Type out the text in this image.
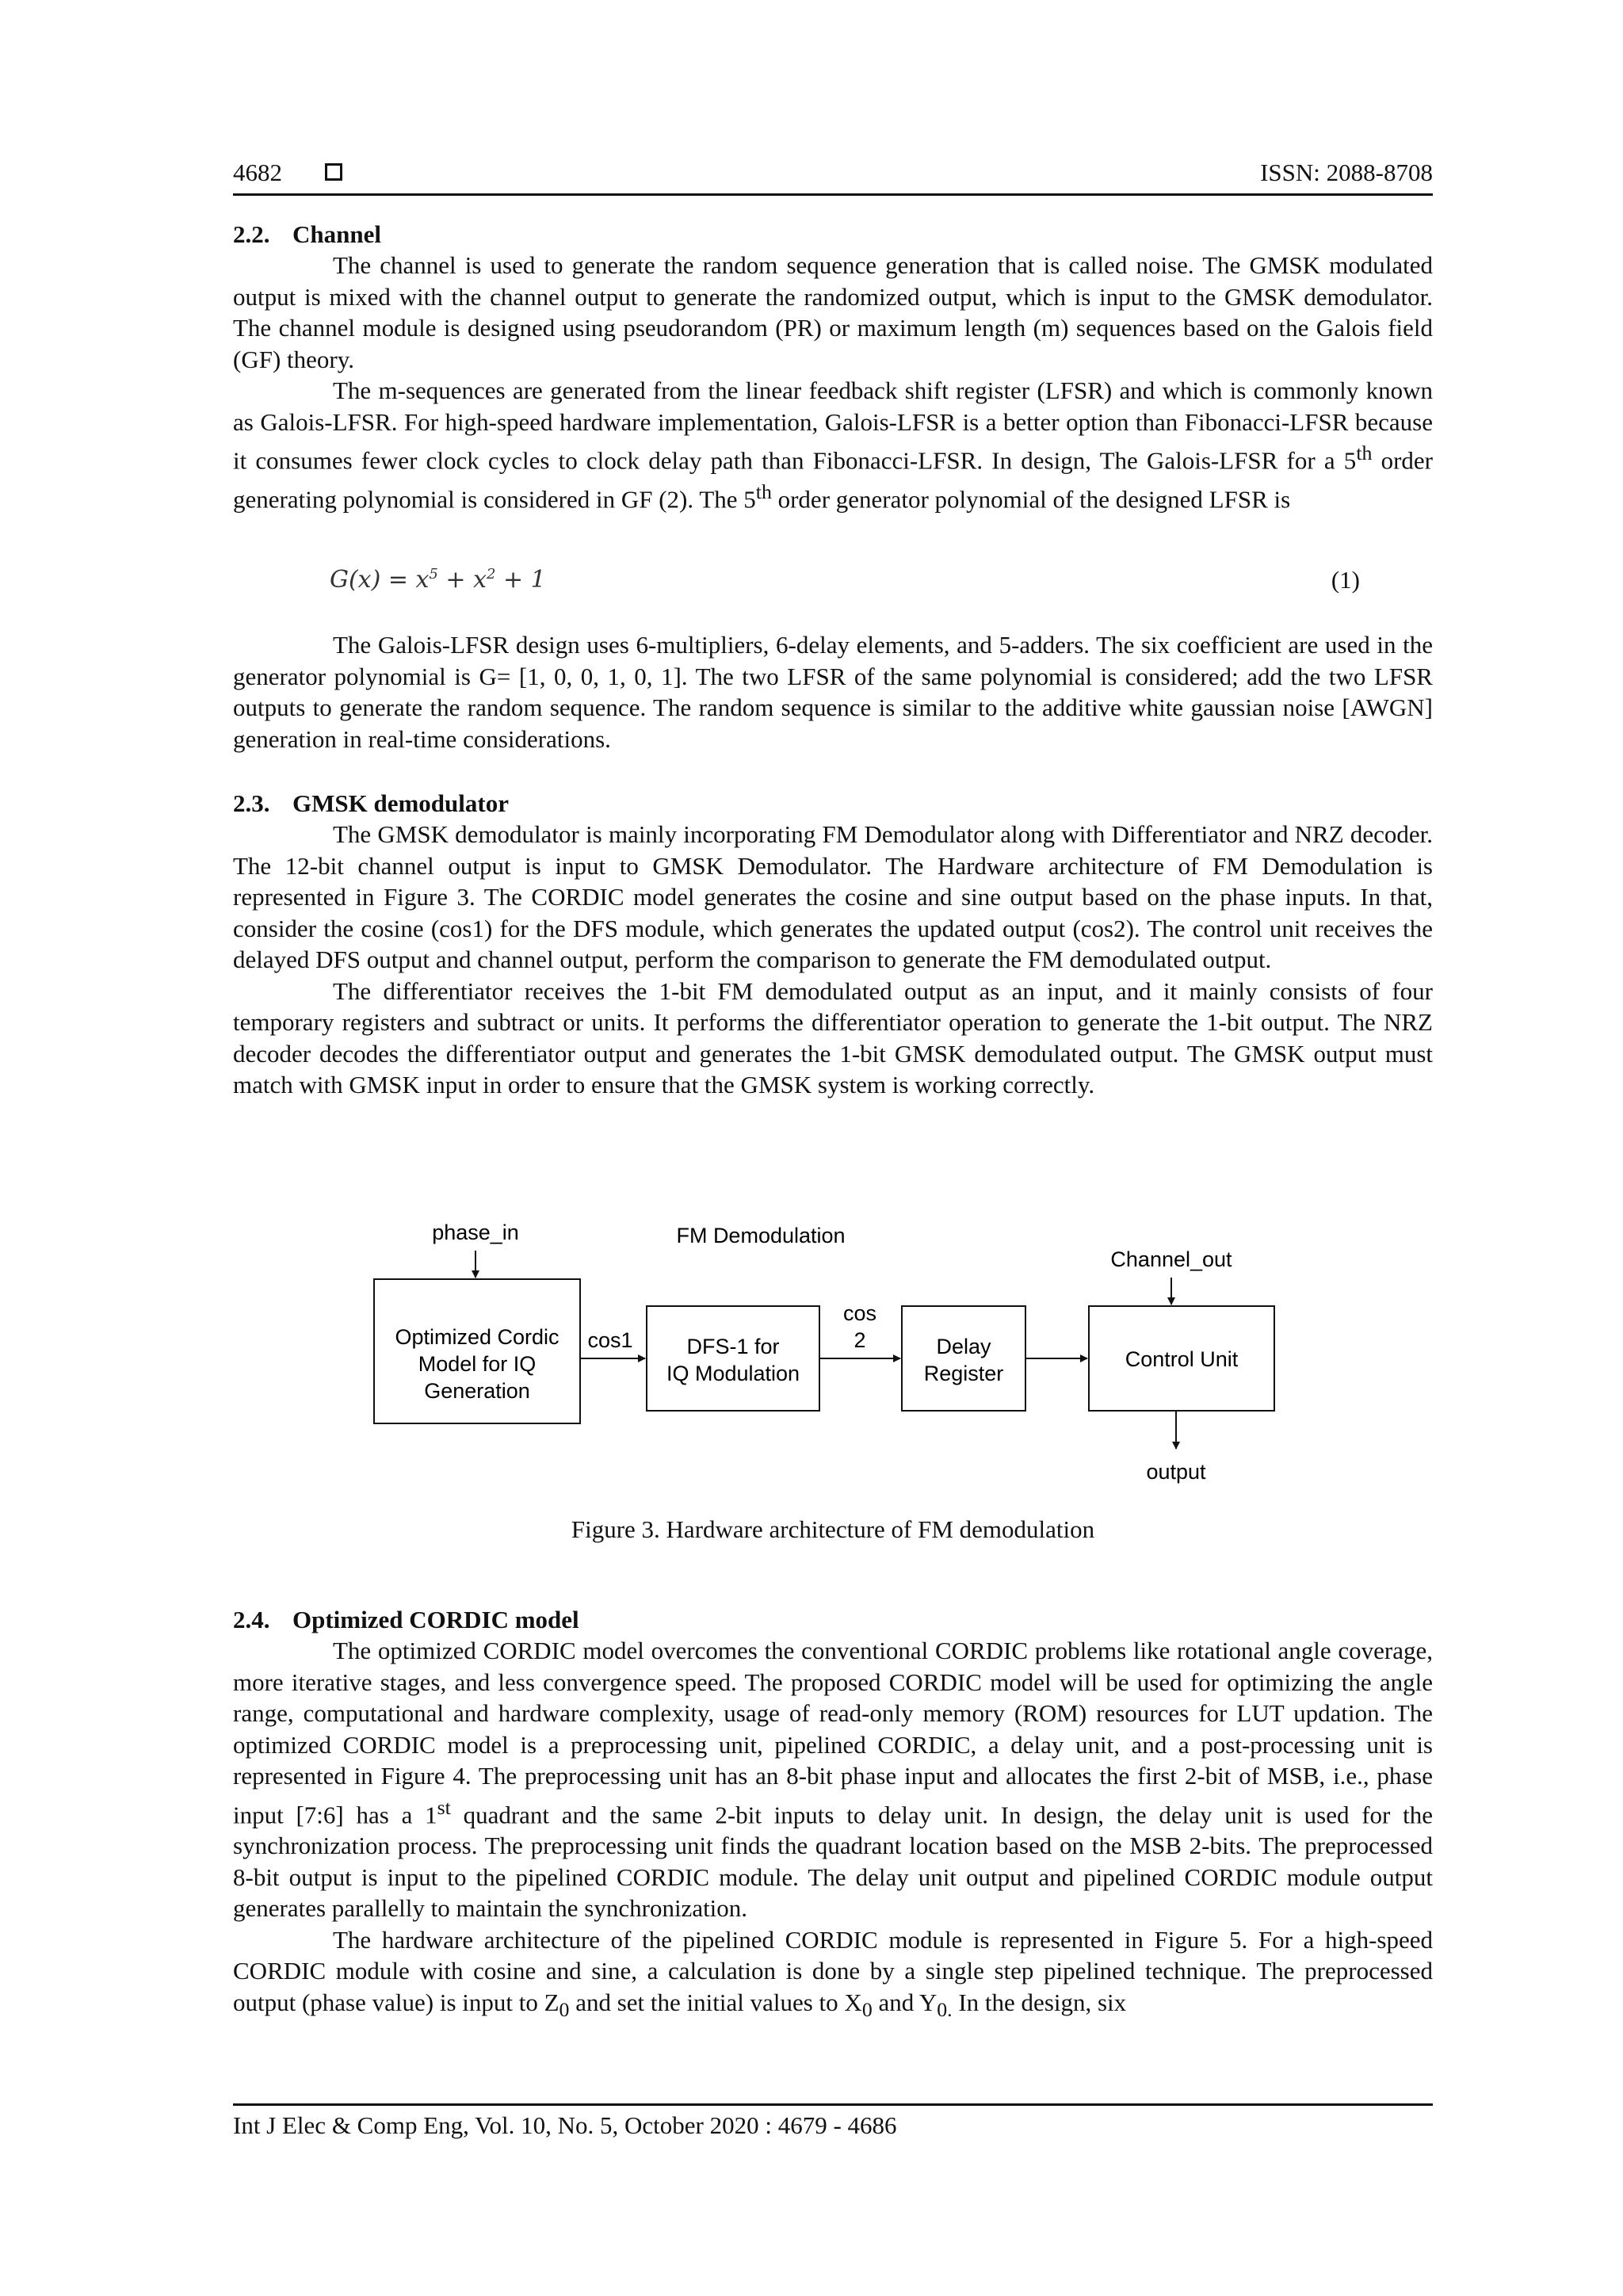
4682	ISSN: 2088-8708

2.2. Channel

The channel is used to generate the random sequence generation that is called noise. The GMSK modulated output is mixed with the channel output to generate the randomized output, which is input to the GMSK demodulator. The channel module is designed using pseudorandom (PR) or maximum length (m) sequences based on the Galois field (GF) theory.

The m-sequences are generated from the linear feedback shift register (LFSR) and which is commonly known as Galois-LFSR. For high-speed hardware implementation, Galois-LFSR is a better option than Fibonacci-LFSR because it consumes fewer clock cycles to clock delay path than Fibonacci-LFSR. In design, The Galois-LFSR for a 5th order generating polynomial is considered in GF (2). The 5th order generator polynomial of the designed LFSR is

$G(x) = x^5 + x^2 + 1$	(1)

The Galois-LFSR design uses 6-multipliers, 6-delay elements, and 5-adders. The six coefficient are used in the generator polynomial is G= [1, 0, 0, 1, 0, 1]. The two LFSR of the same polynomial is considered; add the two LFSR outputs to generate the random sequence. The random sequence is similar to the additive white gaussian noise [AWGN] generation in real-time considerations.

2.3. GMSK demodulator

The GMSK demodulator is mainly incorporating FM Demodulator along with Differentiator and NRZ decoder. The 12-bit channel output is input to GMSK Demodulator. The Hardware architecture of FM Demodulation is represented in Figure 3. The CORDIC model generates the cosine and sine output based on the phase inputs. In that, consider the cosine (cos1) for the DFS module, which generates the updated output (cos2). The control unit receives the delayed DFS output and channel output, perform the comparison to generate the FM demodulated output.

The differentiator receives the 1-bit FM demodulated output as an input, and it mainly consists of four temporary registers and subtract or units. It performs the differentiator operation to generate the 1-bit output. The NRZ decoder decodes the differentiator output and generates the 1-bit GMSK demodulated output. The GMSK output must match with GMSK input in order to ensure that the GMSK system is working correctly.

FM Demodulation
phase_in
Channel_out
Optimized Cordic
Model for IQ
Generation
cos1	DFS-1 for
IQ Modulation
cos
2	Delay
Register
Control Unit
output
Figure 3. Hardware architecture of FM demodulation

2.4. Optimized CORDIC model

The optimized CORDIC model overcomes the conventional CORDIC problems like rotational angle coverage, more iterative stages, and less convergence speed. The proposed CORDIC model will be used for optimizing the angle range, computational and hardware complexity, usage of read-only memory (ROM) resources for LUT updation. The optimized CORDIC model is a preprocessing unit, pipelined CORDIC, a delay unit, and a post-processing unit is represented in Figure 4. The preprocessing unit has an 8-bit phase input and allocates the first 2-bit of MSB, i.e., phase input [7:6] has a 1st quadrant and the same 2-bit inputs to delay unit. In design, the delay unit is used for the synchronization process. The preprocessing unit finds the quadrant location based on the MSB 2-bits. The preprocessed 8-bit output is input to the pipelined CORDIC module. The delay unit output and pipelined CORDIC module output generates parallelly to maintain the synchronization.

The hardware architecture of the pipelined CORDIC module is represented in Figure 5. For a high-speed CORDIC module with cosine and sine, a calculation is done by a single step pipelined technique. The preprocessed output (phase value) is input to $Z_0$ and set the initial values to $X_0$ and $Y_{0.}$ In the design, six

Int J Elec & Comp Eng, Vol. 10, No. 5, October 2020 : 4679 - 4686
